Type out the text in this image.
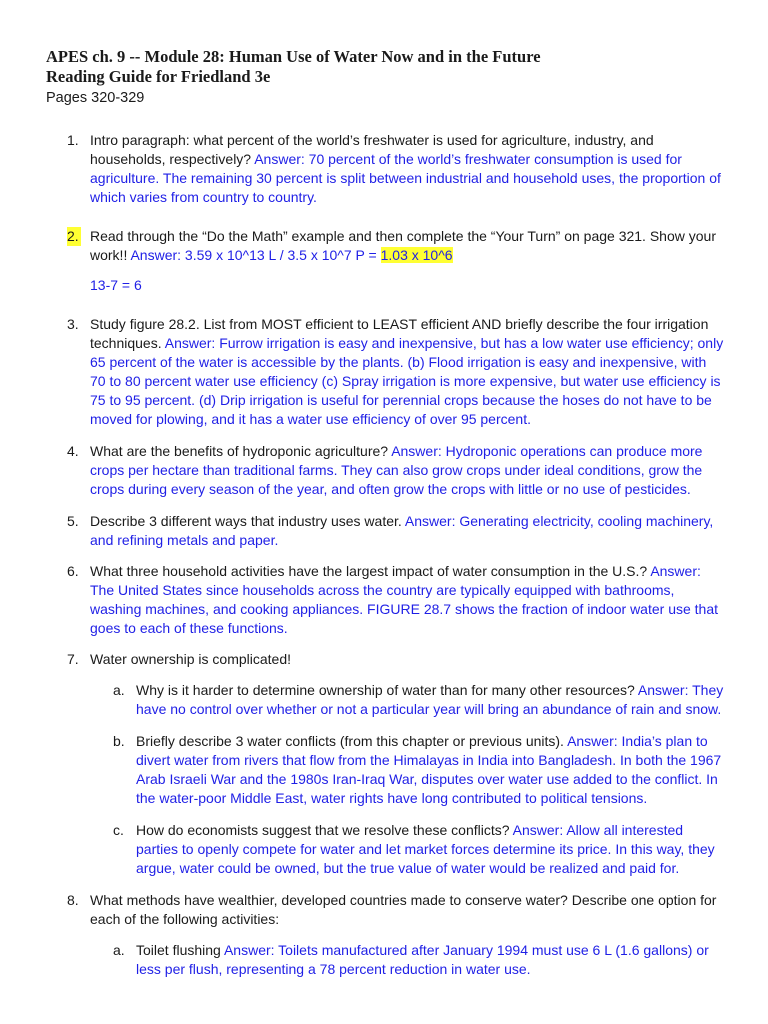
APES ch. 9 -- Module 28: Human Use of Water Now and in the Future
Reading Guide for Friedland 3e
Pages 320-329
1. Intro paragraph: what percent of the world’s freshwater is used for agriculture, industry, and households, respectively? Answer: 70 percent of the world’s freshwater consumption is used for agriculture. The remaining 30 percent is split between industrial and household uses, the proportion of which varies from country to country.
2. Read through the “Do the Math” example and then complete the “Your Turn” on page 321. Show your work!! Answer: 3.59 x 10^13 L / 3.5 x 10^7 P = 1.03 x 10^6
13-7 = 6
3. Study figure 28.2. List from MOST efficient to LEAST efficient AND briefly describe the four irrigation techniques. Answer: Furrow irrigation is easy and inexpensive, but has a low water use efficiency; only 65 percent of the water is accessible by the plants. (b) Flood irrigation is easy and inexpensive, with 70 to 80 percent water use efficiency (c) Spray irrigation is more expensive, but water use efficiency is 75 to 95 percent. (d) Drip irrigation is useful for perennial crops because the hoses do not have to be moved for plowing, and it has a water use efficiency of over 95 percent.
4. What are the benefits of hydroponic agriculture? Answer: Hydroponic operations can produce more crops per hectare than traditional farms. They can also grow crops under ideal conditions, grow the crops during every season of the year, and often grow the crops with little or no use of pesticides.
5. Describe 3 different ways that industry uses water. Answer: Generating electricity, cooling machinery, and refining metals and paper.
6. What three household activities have the largest impact of water consumption in the U.S.? Answer: The United States since households across the country are typically equipped with bathrooms, washing machines, and cooking appliances. FIGURE 28.7 shows the fraction of indoor water use that goes to each of these functions.
7. Water ownership is complicated!
a. Why is it harder to determine ownership of water than for many other resources? Answer: They have no control over whether or not a particular year will bring an abundance of rain and snow.
b. Briefly describe 3 water conflicts (from this chapter or previous units). Answer: India’s plan to divert water from rivers that flow from the Himalayas in India into Bangladesh. In both the 1967 Arab Israeli War and the 1980s Iran-Iraq War, disputes over water use added to the conflict. In the water-poor Middle East, water rights have long contributed to political tensions.
c. How do economists suggest that we resolve these conflicts? Answer: Allow all interested parties to openly compete for water and let market forces determine its price. In this way, they argue, water could be owned, but the true value of water would be realized and paid for.
8. What methods have wealthier, developed countries made to conserve water? Describe one option for each of the following activities:
a. Toilet flushing Answer: Toilets manufactured after January 1994 must use 6 L (1.6 gallons) or less per flush, representing a 78 percent reduction in water use.
